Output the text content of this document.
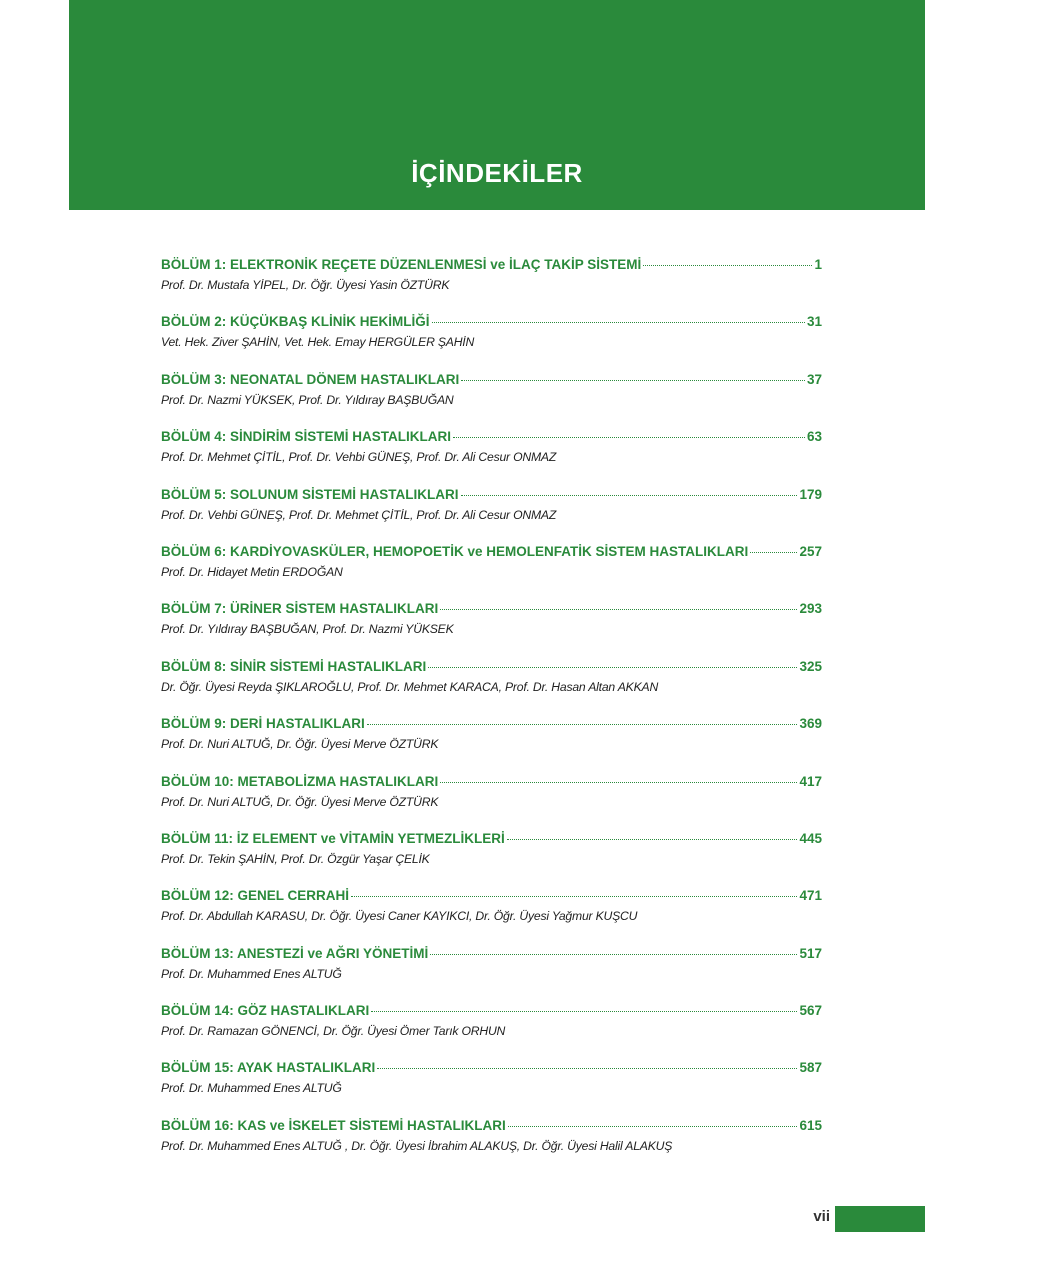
İÇİNDEKİLER
BÖLÜM 1: ELEKTRONİK REÇETE DÜZENLENMESİ ve İLAÇ TAKİP SİSTEMİ	1
Prof. Dr. Mustafa YİPEL, Dr. Öğr. Üyesi Yasin ÖZTÜRK
BÖLÜM 2: KÜÇÜKBAŞ KLİNİK HEKİMLİĞİ	31
Vet. Hek. Ziver ŞAHİN, Vet. Hek. Emay HERGÜLER ŞAHİN
BÖLÜM 3: NEONATAL DÖNEM HASTALIKLARI	37
Prof. Dr. Nazmi YÜKSEK, Prof. Dr. Yıldıray BAŞBUĞAN
BÖLÜM 4: SİNDİRİM SİSTEMİ HASTALIKLARI	63
Prof. Dr. Mehmet ÇİTİL, Prof. Dr. Vehbi GÜNEŞ, Prof. Dr. Ali Cesur ONMAZ
BÖLÜM 5: SOLUNUM SİSTEMİ HASTALIKLARI	179
Prof. Dr. Vehbi GÜNEŞ, Prof. Dr. Mehmet ÇİTİL, Prof. Dr. Ali Cesur ONMAZ
BÖLÜM 6: KARDİYOVASKÜLER, HEMOPOETİK ve HEMOLENFATİK SİSTEM HASTALIKLARI	257
Prof. Dr. Hidayet Metin ERDOĞAN
BÖLÜM 7: ÜRİNER SİSTEM HASTALIKLARI	293
Prof. Dr. Yıldıray BAŞBUĞAN, Prof. Dr. Nazmi YÜKSEK
BÖLÜM 8: SİNİR SİSTEMİ HASTALIKLARI	325
Dr. Öğr. Üyesi Reyda ŞIKLAROĞLU, Prof. Dr. Mehmet KARACA, Prof. Dr. Hasan Altan AKKAN
BÖLÜM 9: DERİ HASTALIKLARI	369
Prof. Dr. Nuri ALTUĞ, Dr. Öğr. Üyesi Merve ÖZTÜRK
BÖLÜM 10: METABOLİZMA HASTALIKLARI	417
Prof. Dr. Nuri ALTUĞ, Dr. Öğr. Üyesi Merve ÖZTÜRK
BÖLÜM 11: İZ ELEMENT ve VİTAMİN YETMEZLİKLERİ	445
Prof. Dr. Tekin ŞAHİN, Prof. Dr. Özgür Yaşar ÇELİK
BÖLÜM 12: GENEL CERRAHİ	471
Prof. Dr. Abdullah KARASU, Dr. Öğr. Üyesi Caner KAYIKCI, Dr. Öğr. Üyesi Yağmur KUŞCU
BÖLÜM 13: ANESTEZİ ve AĞRI YÖNETİMİ	517
Prof. Dr. Muhammed Enes ALTUĞ
BÖLÜM 14: GÖZ HASTALIKLARI	567
Prof. Dr. Ramazan GÖNENCİ, Dr. Öğr. Üyesi Ömer Tarık ORHUN
BÖLÜM 15: AYAK HASTALIKLARI	587
Prof. Dr. Muhammed Enes ALTUĞ
BÖLÜM 16: KAS ve İSKELET SİSTEMİ HASTALIKLARI	615
Prof. Dr. Muhammed Enes ALTUĞ , Dr. Öğr. Üyesi İbrahim ALAKUŞ, Dr. Öğr. Üyesi Halil ALAKUŞ
vii
